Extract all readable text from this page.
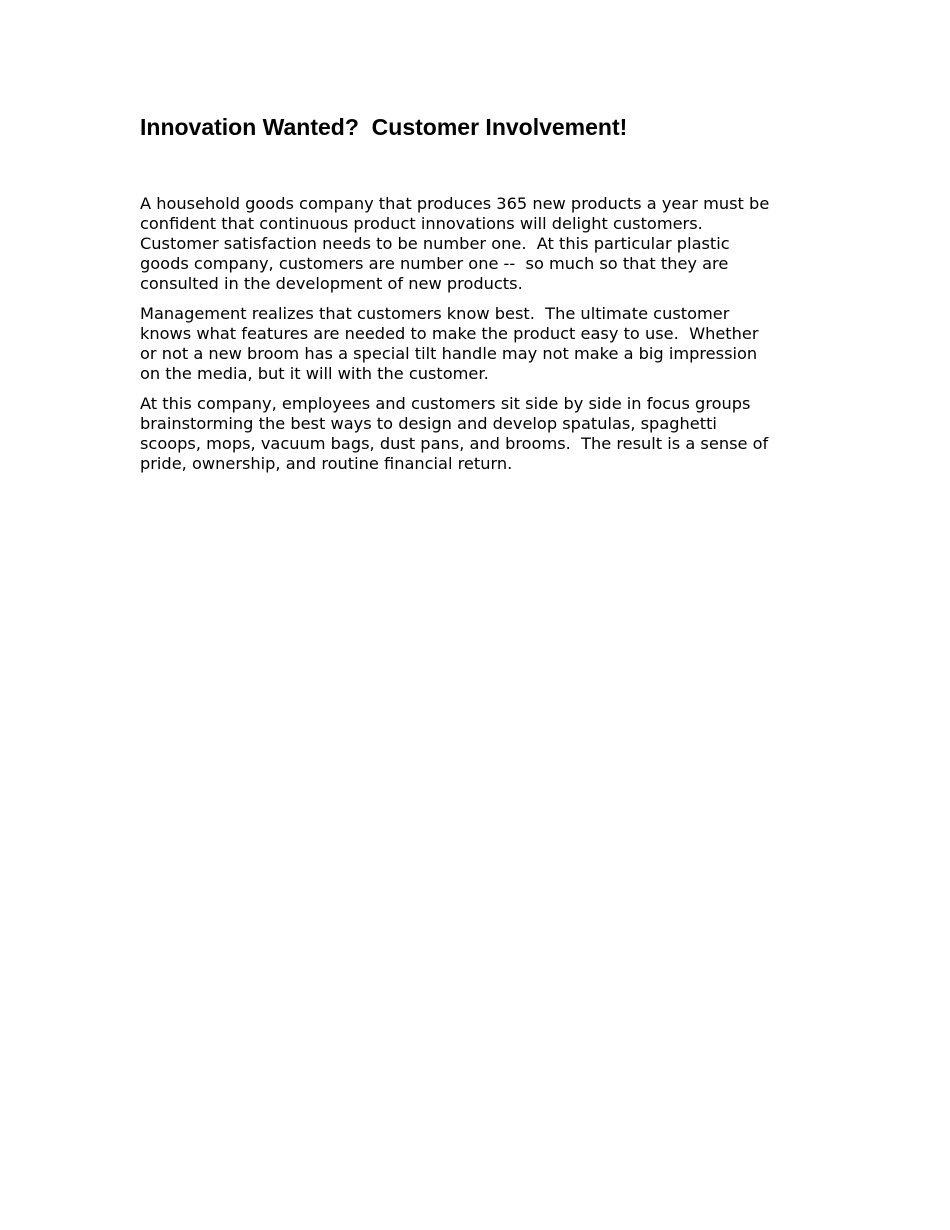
Innovation Wanted?  Customer Involvement!

A household goods company that produces 365 new products a year must be
confident that continuous product innovations will delight customers.
Customer satisfaction needs to be number one.  At this particular plastic
goods company, customers are number one --  so much so that they are
consulted in the development of new products.

Management realizes that customers know best.  The ultimate customer
knows what features are needed to make the product easy to use.  Whether
or not a new broom has a special tilt handle may not make a big impression
on the media, but it will with the customer.

At this company, employees and customers sit side by side in focus groups
brainstorming the best ways to design and develop spatulas, spaghetti
scoops, mops, vacuum bags, dust pans, and brooms.  The result is a sense of
pride, ownership, and routine financial return.
